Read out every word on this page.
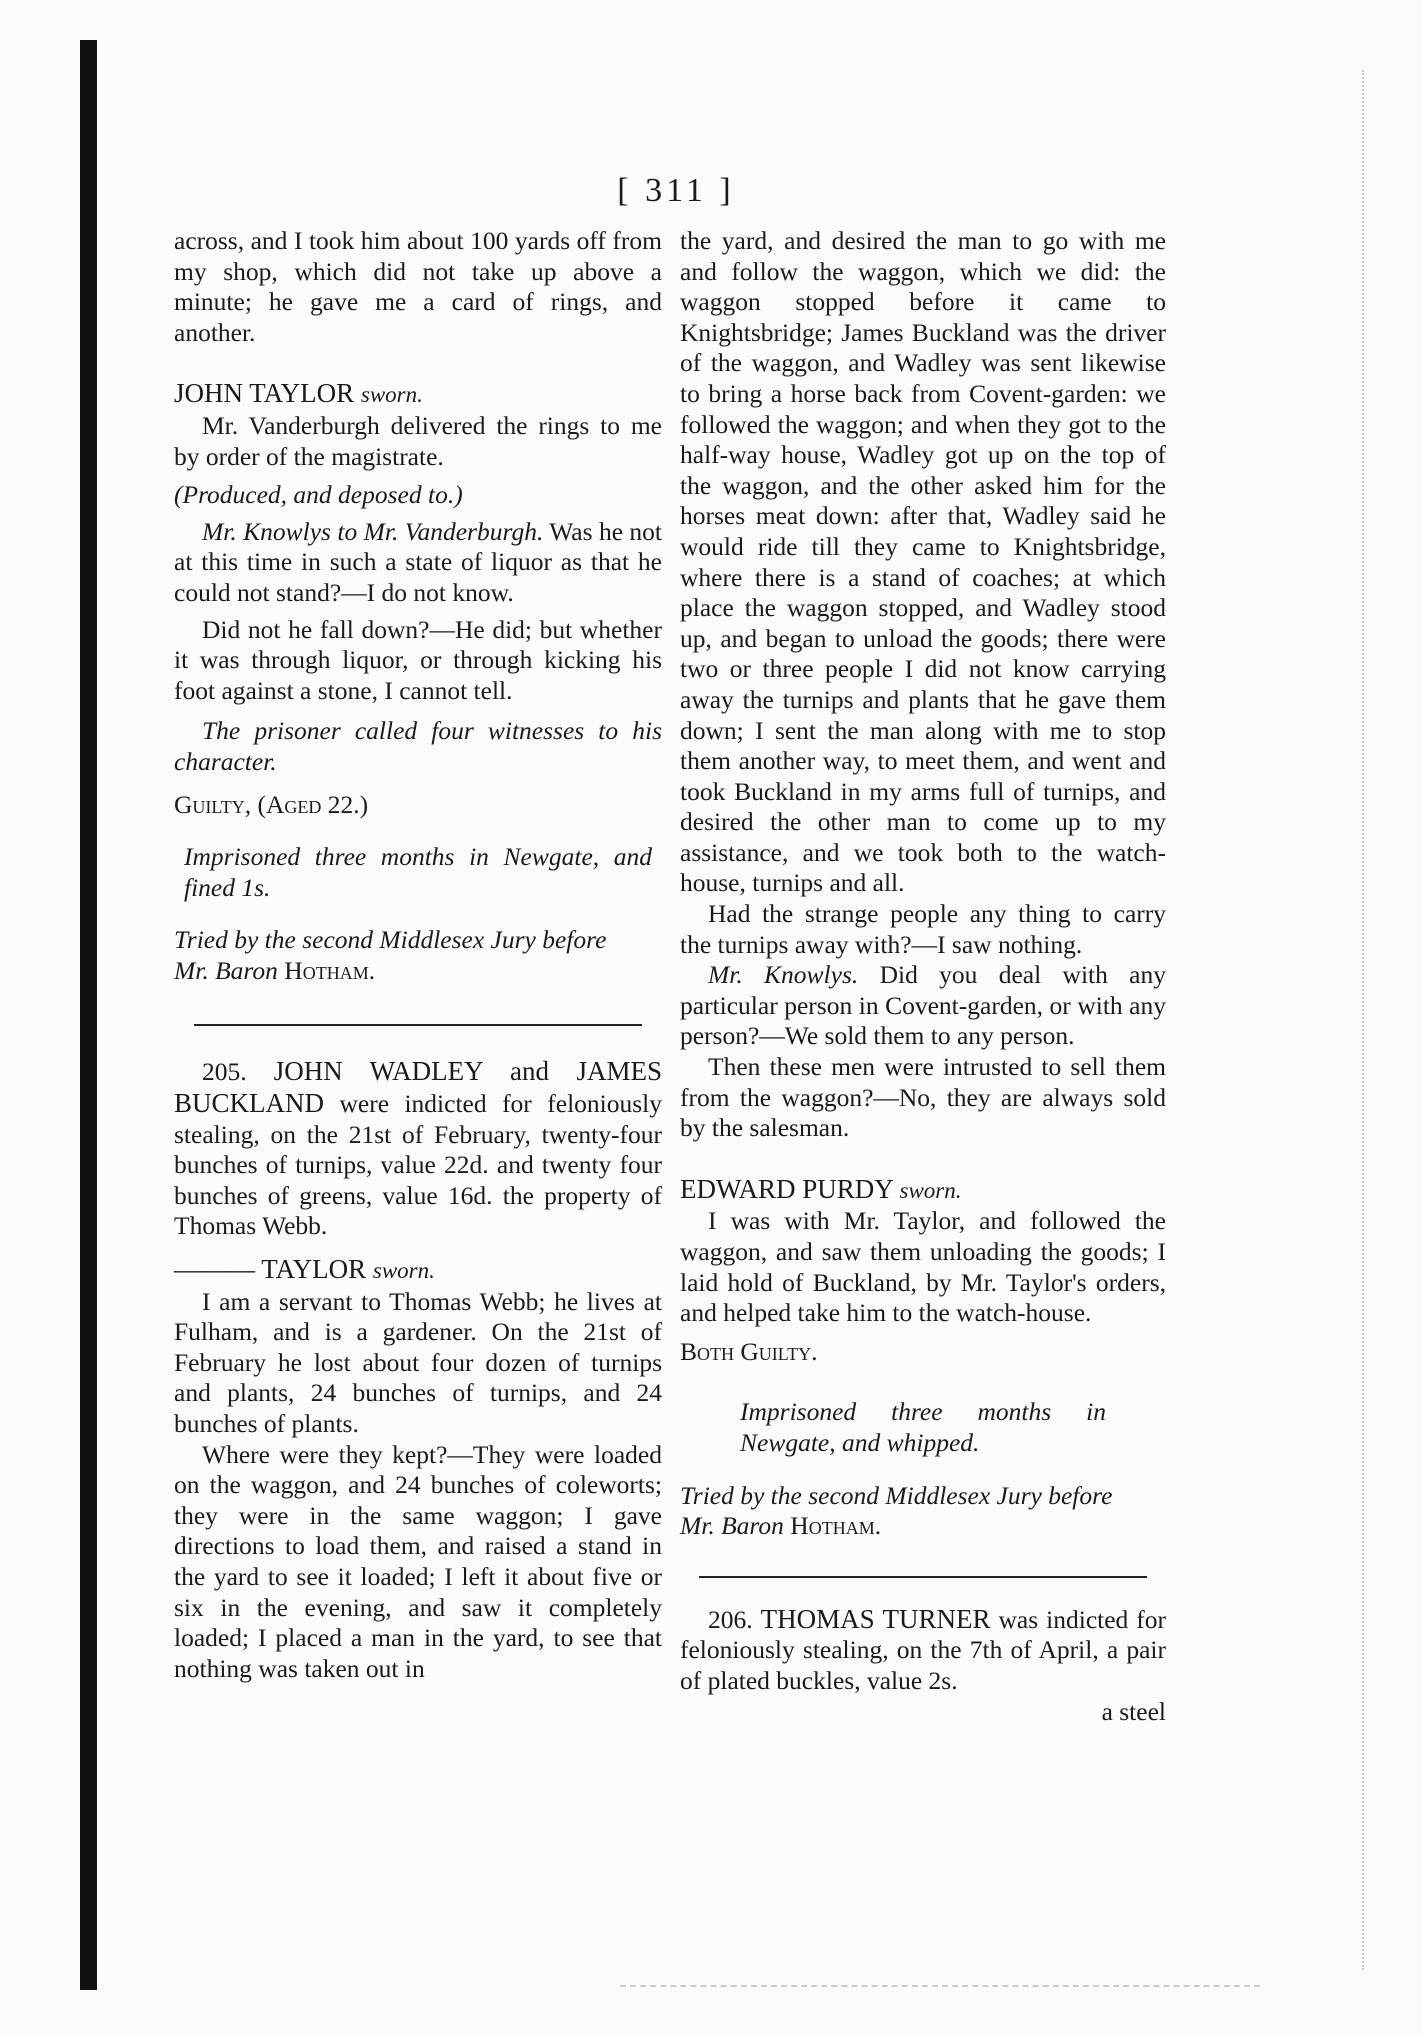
[ 311 ]

across, and I took him about 100 yards off from my shop, which did not take up above a minute; he gave me a card of rings, and another.

JOHN TAYLOR sworn.

Mr. Vanderburgh delivered the rings to me by order of the magistrate.

(Produced, and deposed to.)

Mr. Knowlys to Mr. Vanderburgh. Was he not at this time in such a state of liquor as that he could not stand?—I do not know.

Did not he fall down?—He did; but whether it was through liquor, or through kicking his foot against a stone, I cannot tell.

The prisoner called four witnesses to his character.

Guilty, (Aged 22.)

Imprisoned three months in Newgate, and fined 1s.

Tried by the second Middlesex Jury before

Mr. Baron Hotham.

205. JOHN WADLEY and JAMES BUCKLAND were indicted for feloniously stealing, on the 21st of February, twenty-four bunches of turnips, value 22d. and twenty four bunches of greens, value 16d. the property of Thomas Webb.

——— TAYLOR sworn.

I am a servant to Thomas Webb; he lives at Fulham, and is a gardener. On the 21st of February he lost about four dozen of turnips and plants, 24 bunches of turnips, and 24 bunches of plants.

Where were they kept?—They were loaded on the waggon, and 24 bunches of coleworts; they were in the same waggon; I gave directions to load them, and raised a stand in the yard to see it loaded; I left it about five or six in the evening, and saw it completely loaded; I placed a man in the yard, to see that nothing was taken out in

the yard, and desired the man to go with me and follow the waggon, which we did: the waggon stopped before it came to Knightsbridge; James Buckland was the driver of the waggon, and Wadley was sent likewise to bring a horse back from Covent-garden: we followed the waggon; and when they got to the half-way house, Wadley got up on the top of the waggon, and the other asked him for the horses meat down: after that, Wadley said he would ride till they came to Knightsbridge, where there is a stand of coaches; at which place the waggon stopped, and Wadley stood up, and began to unload the goods; there were two or three people I did not know carrying away the turnips and plants that he gave them down; I sent the man along with me to stop them another way, to meet them, and went and took Buckland in my arms full of turnips, and desired the other man to come up to my assistance, and we took both to the watch-house, turnips and all.

Had the strange people any thing to carry the turnips away with?—I saw nothing.

Mr. Knowlys. Did you deal with any particular person in Covent-garden, or with any person?—We sold them to any person.

Then these men were intrusted to sell them from the waggon?—No, they are always sold by the salesman.

EDWARD PURDY sworn.

I was with Mr. Taylor, and followed the waggon, and saw them unloading the goods; I laid hold of Buckland, by Mr. Taylor's orders, and helped take him to the watch-house.

Both Guilty.

Imprisoned three months in Newgate, and whipped.

Tried by the second Middlesex Jury before

Mr. Baron Hotham.

206. THOMAS TURNER was indicted for feloniously stealing, on the 7th of April, a pair of plated buckles, value 2s.

a steel
